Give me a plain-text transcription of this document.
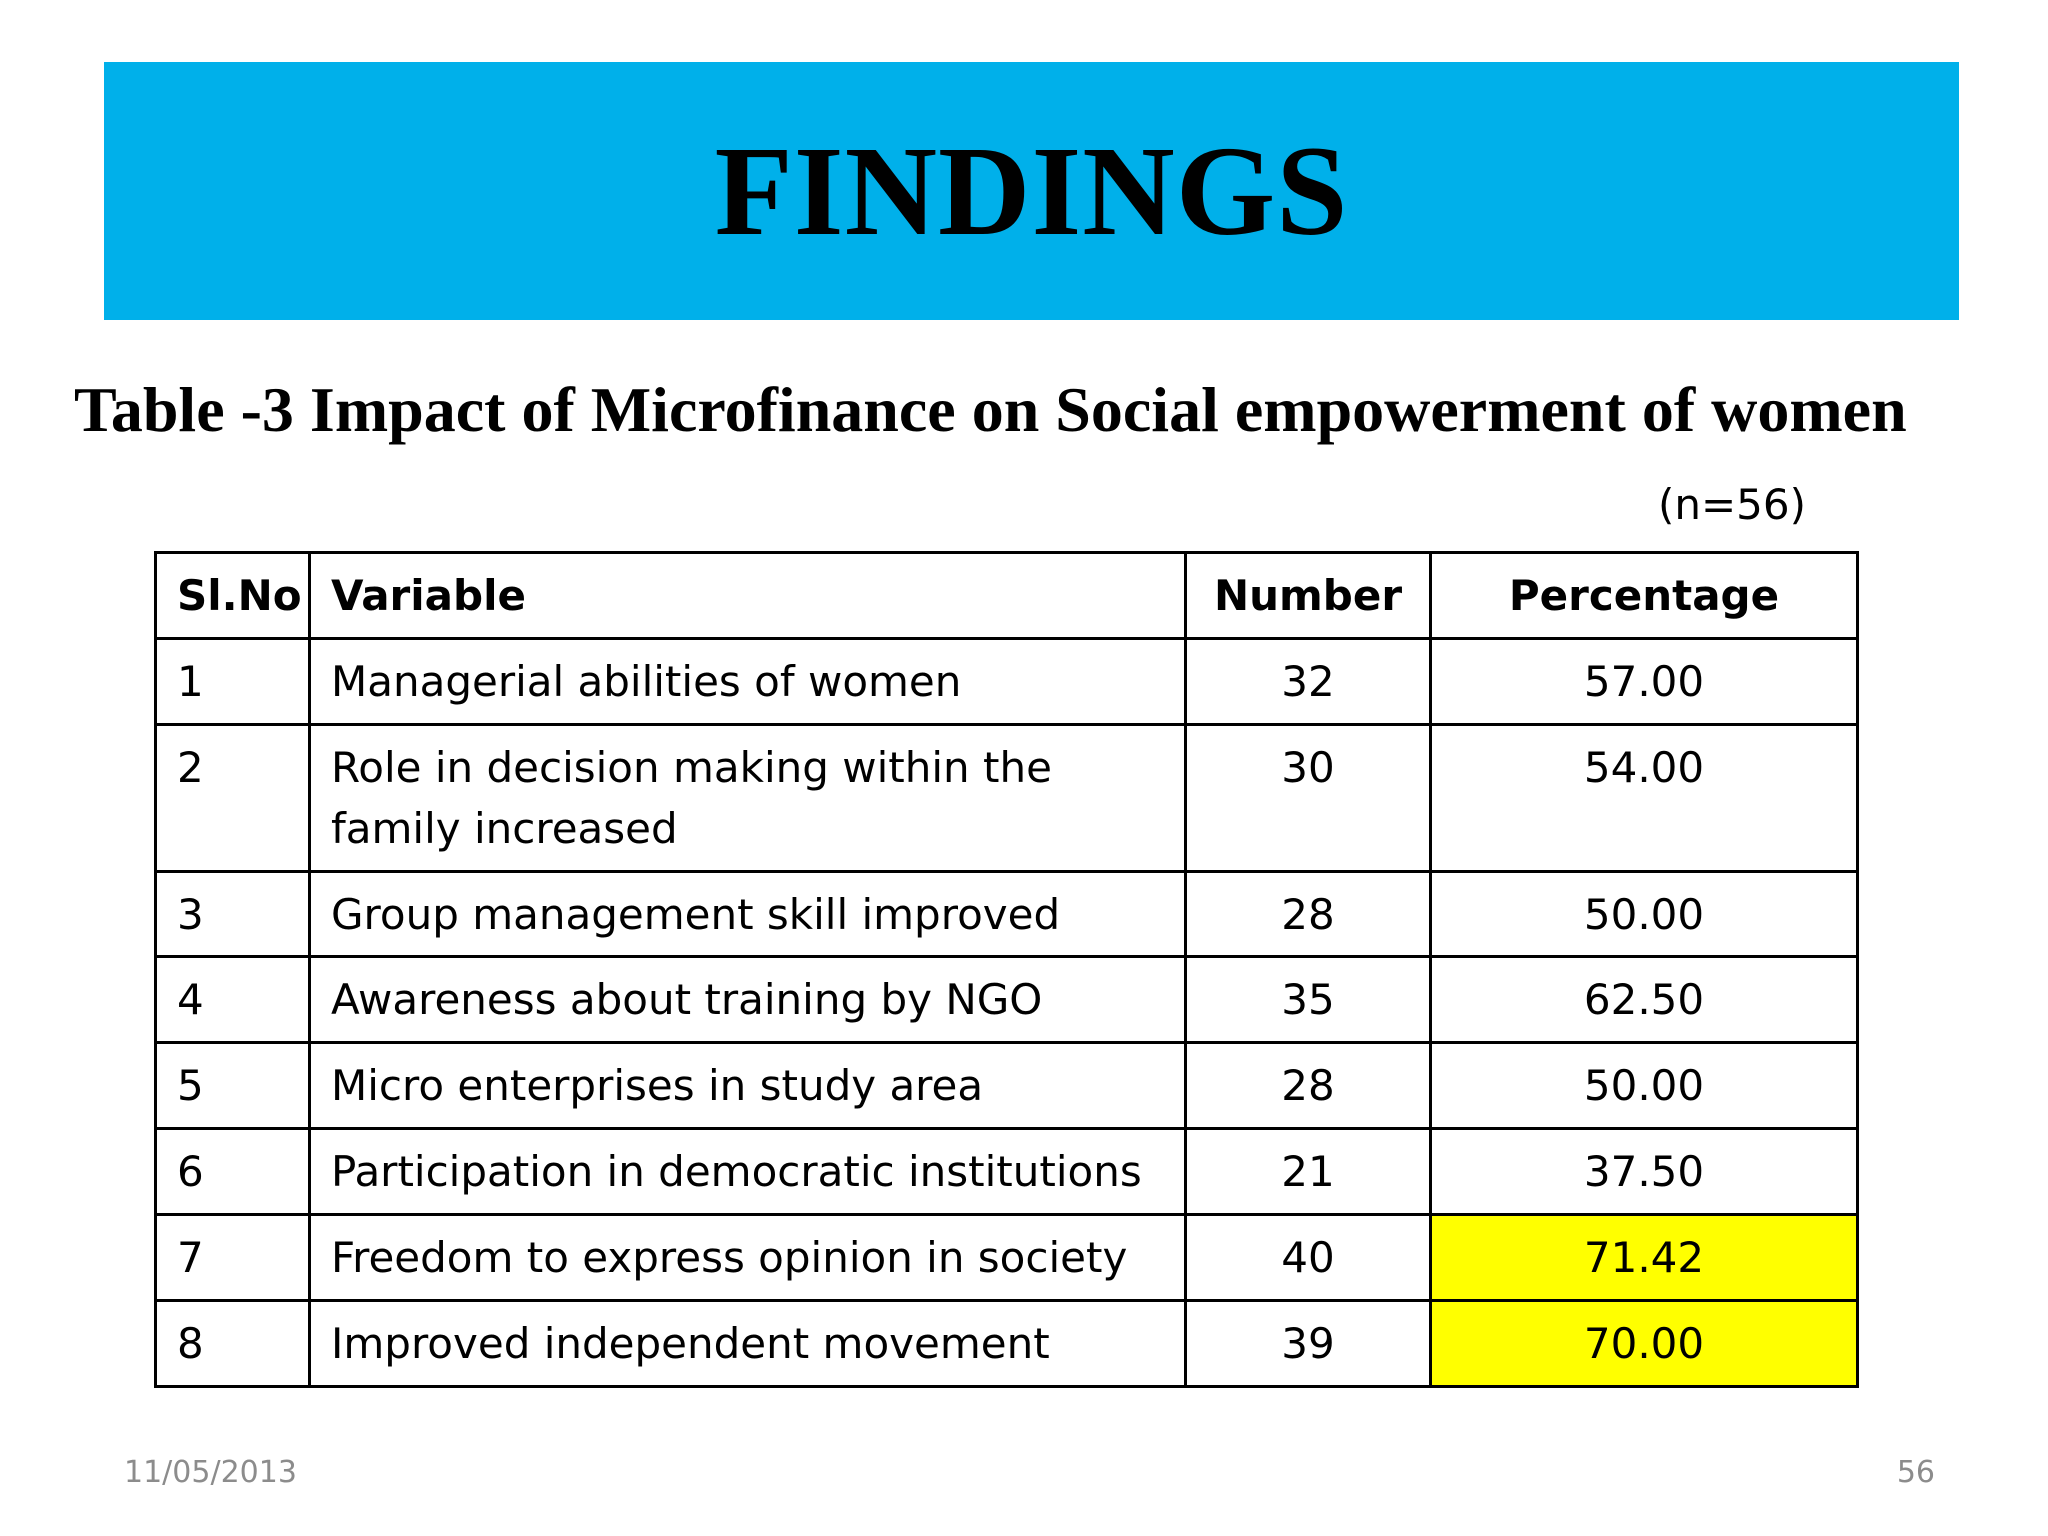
FINDINGS
Table -3 Impact of Microfinance on Social empowerment of women
(n=56)
Sl.No	Variable	Number	Percentage
1	Managerial abilities of women	32	57.00
2	Role in decision making within the family increased	30	54.00
3	Group management skill improved	28	50.00
4	Awareness about training by NGO	35	62.50
5	Micro enterprises in study area	28	50.00
6	Participation in democratic institutions	21	37.50
7	Freedom to express opinion in society	40	71.42
8	Improved independent movement	39	70.00
11/05/2013	56
